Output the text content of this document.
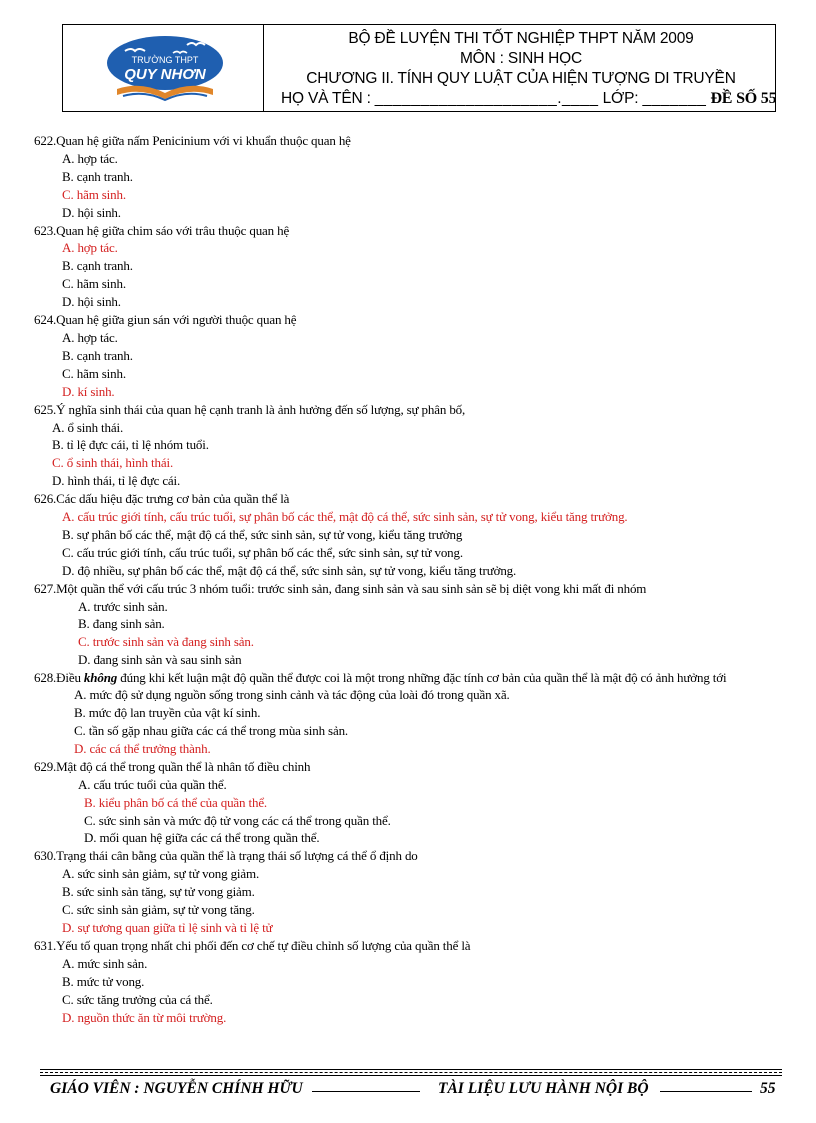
TRƯỜNG THPT
QUY NHƠN
BỘ ĐỀ LUYỆN THI TỐT NGHIỆP THPT NĂM 2009
MÔN : SINH HỌC
CHƯƠNG II. TÍNH QUY LUẬT CỦA HIỆN TƯỢNG DI TRUYỀN
HỌ VÀ TÊN : ____________________.____ LỚP: _______ ĐỀ SỐ 55
622.Quan hệ giữa nấm Penicinium với vi khuẩn thuộc quan hệ
A. hợp tác.
B. cạnh tranh.
C. hãm sinh.
D. hội sinh.
623.Quan hệ giữa chim sáo với trâu thuộc quan hệ
A. hợp tác.
B. cạnh tranh.
C. hãm sinh.
D. hội sinh.
624.Quan hệ giữa giun sán với người thuộc quan hệ
A. hợp tác.
B. cạnh tranh.
C. hãm sinh.
D. kí sinh.
625.Ý nghĩa sinh thái của quan hệ cạnh tranh là ảnh hưởng đến số lượng, sự phân bố,
A. ổ sinh thái.
B. tỉ lệ đực cái, tỉ lệ nhóm tuổi.
C. ổ sinh thái, hình thái.
D. hình thái, tỉ lệ đực cái.
626.Các dấu hiệu đặc trưng cơ bản của quần thể là
A. cấu trúc giới tính, cấu trúc tuổi, sự phân bố các thể, mật độ cá thể, sức sinh sản, sự tử vong, kiểu tăng trưởng.
B. sự phân bố các thể, mật độ cá thể, sức sinh sản, sự tử vong, kiểu tăng trưởng
C. cấu trúc giới tính, cấu trúc tuổi, sự phân bố các thể, sức sinh sản, sự tử vong.
D. độ nhiều, sự phân bố các thể, mật độ cá thể, sức sinh sản, sự tử vong, kiểu tăng trưởng.
627.Một quần thể với cấu trúc 3 nhóm tuổi: trước sinh sản, đang sinh sản và sau sinh sản sẽ bị diệt vong khi mất đi nhóm
A. trước sinh sản.
B. đang sinh sản.
C. trước sinh sản và đang sinh sản.
D. đang sinh sản và sau sinh sản
628.Điều không đúng khi kết luận mật độ quần thể được coi là một trong những đặc tính cơ bản của quần thể là mật độ có ảnh hưởng tới
A. mức độ sử dụng nguồn sống trong sinh cảnh và tác động của loài đó trong quần xã.
B. mức độ lan truyền của vật kí sinh.
C. tần số gặp nhau giữa các cá thể trong mùa sinh sản.
D. các cá thể trưởng thành.
629.Mật độ cá thể trong quần thể là nhân tố điều chỉnh
A. cấu trúc tuổi của quần thể.
B. kiểu phân bố cá thể của quần thể.
C. sức sinh sản và mức độ tử vong các cá thể trong quần thể.
D. mối quan hệ giữa các cá thể trong quần thể.
630.Trạng thái cân bằng của quần thể là trạng thái số lượng cá thể ổ định do
A. sức sinh sản giảm, sự tử vong giảm.
B. sức sinh sản tăng, sự tử vong giảm.
C. sức sinh sản giảm, sự tử vong tăng.
D. sự tương quan giữa tỉ lệ sinh và tỉ lệ tử
631.Yếu tố quan trọng nhất chi phối đến cơ chế tự điều chỉnh số lượng của quần thể là
A. mức sinh sản.
B. mức tử vong.
C. sức tăng trưởng của cá thể.
D. nguồn thức ăn từ môi trường.
GIÁO VIÊN : NGUYỄN CHÍNH HỮU	TÀI LIỆU LƯU HÀNH NỘI BỘ	55
